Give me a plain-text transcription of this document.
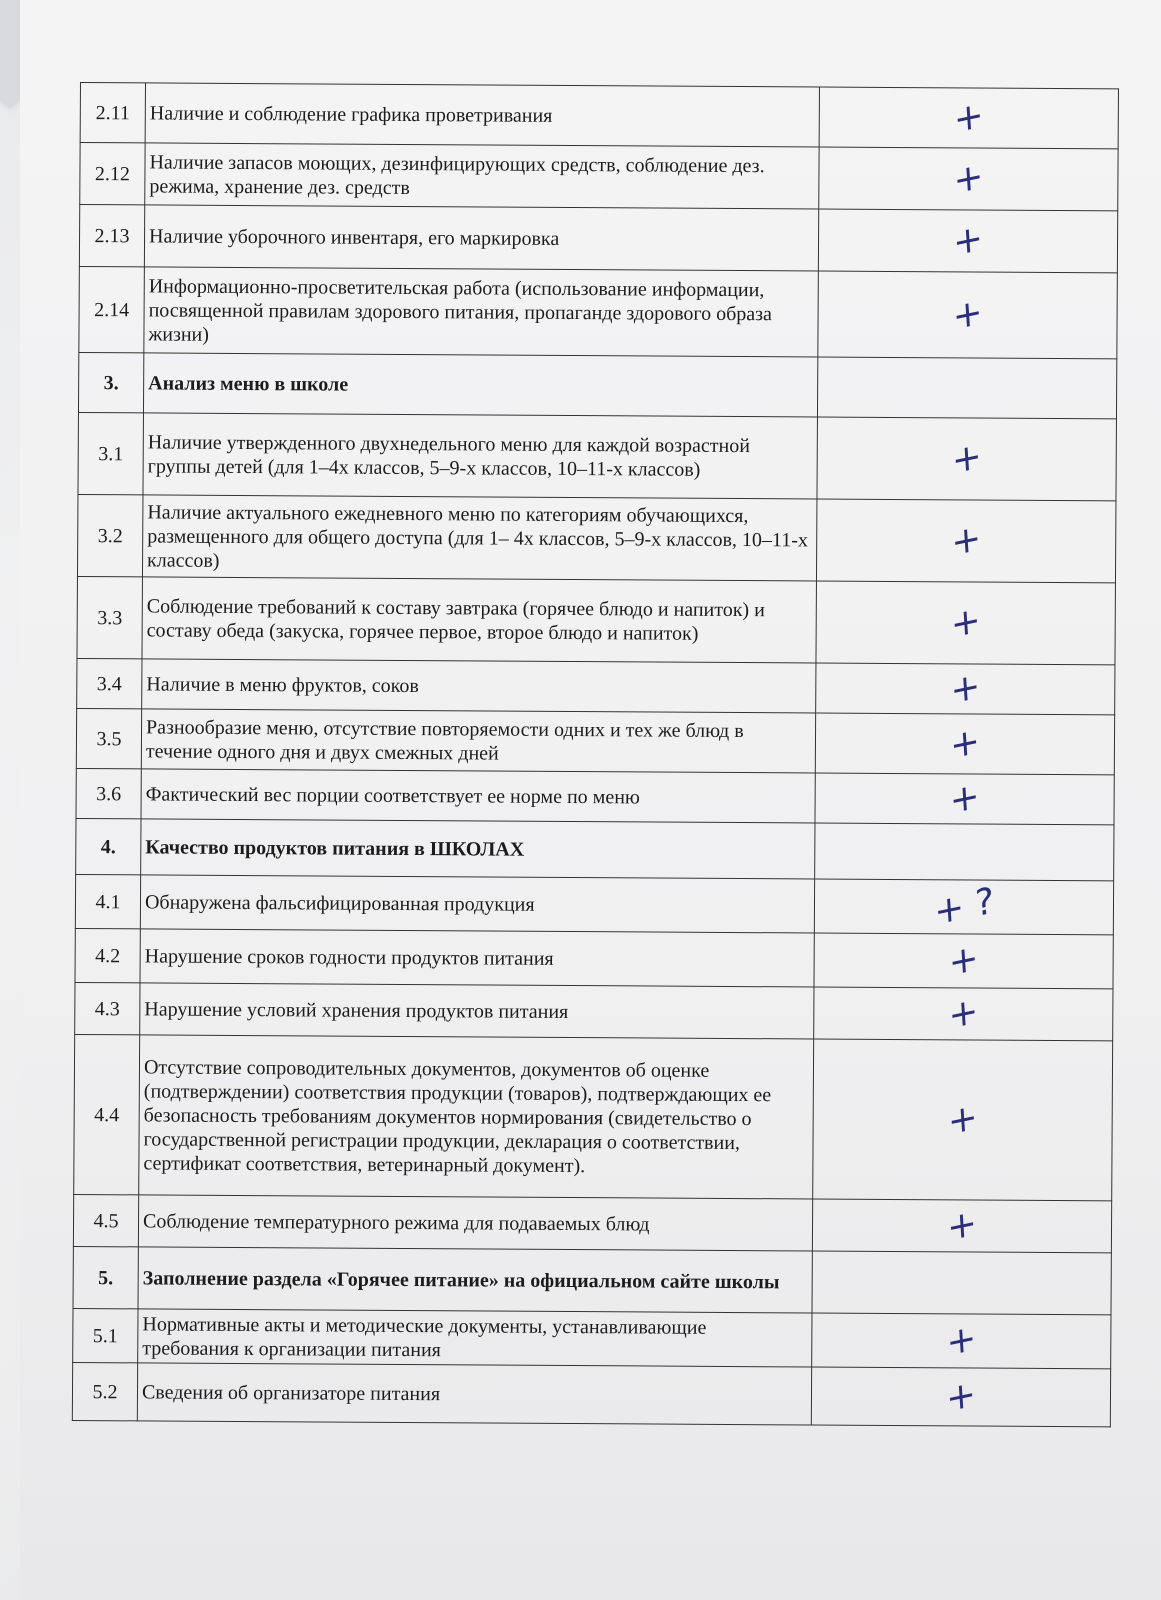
2.11	Наличие и соблюдение графика проветривания	+
2.12	Наличие запасов моющих, дезинфицирующих средств, соблюдение дез. режима, хранение дез. средств	+
2.13	Наличие уборочного инвентаря, его маркировка	+
2.14	Информационно-просветительская работа (использование информации, посвященной правилам здорового питания, пропаганде здорового образа жизни)	+
3.	Анализ меню в школе	
3.1	Наличие утвержденного двухнедельного меню для каждой возрастной группы детей (для 1–4х классов, 5–9-х классов, 10–11-х классов)	+
3.2	Наличие актуального ежедневного меню по категориям обучающихся, размещенного для общего доступа (для 1– 4х классов, 5–9-х классов, 10–11-х классов)	+
3.3	Соблюдение требований к составу завтрака (горячее блюдо и напиток) и составу обеда (закуска, горячее первое, второе блюдо и напиток)	+
3.4	Наличие в меню фруктов, соков	+
3.5	Разнообразие меню, отсутствие повторяемости одних и тех же блюд в течение одного дня и двух смежных дней	+
3.6	Фактический вес порции соответствует ее норме по меню	+
4.	Качество продуктов питания в ШКОЛАХ	
4.1	Обнаружена фальсифицированная продукция	+ ?
4.2	Нарушение сроков годности продуктов питания	+
4.3	Нарушение условий хранения продуктов питания	+
4.4	Отсутствие сопроводительных документов, документов об оценке (подтверждении) соответствия продукции (товаров), подтверждающих ее безопасность требованиям документов нормирования (свидетельство о государственной регистрации продукции, декларация о соответствии, сертификат соответствия, ветеринарный документ).	+
4.5	Соблюдение температурного режима для подаваемых блюд	+
5.	Заполнение раздела «Горячее питание» на официальном сайте школы	
5.1	Нормативные акты и методические документы, устанавливающие требования к организации питания	+
5.2	Сведения об организаторе питания	+
